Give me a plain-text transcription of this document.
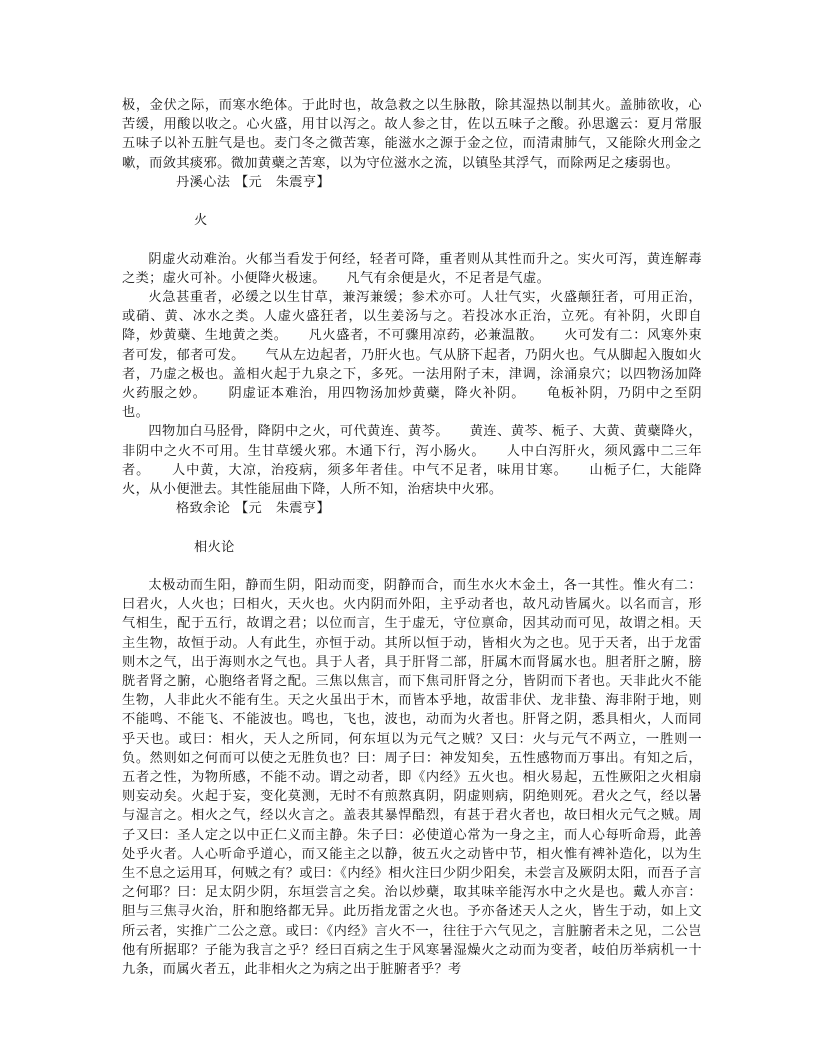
极，金伏之际，而寒水绝体。于此时也，故急救之以生脉散，除其湿热以制其火。盖肺欲收，心苦缓，用酸以收之。心火盛，用甘以泻之。故人参之甘，佐以五味子之酸。孙思邈云：夏月常服五味子以补五脏气是也。麦门冬之微苦寒，能滋水之源于金之位，而清肃肺气，又能除火刑金之嗽，而敛其痰邪。微加黄蘗之苦寒，以为守位滋水之流，以镇坠其浮气，而除两足之痿弱也。

丹溪心法 【元　朱震亨】
火

阴虚火动难治。火郁当看发于何经，轻者可降，重者则从其性而升之。实火可泻，黄连解毒之类；虚火可补。小便降火极速。　　凡气有余便是火，不足者是气虚。

火急甚重者，必缓之以生甘草，兼泻兼缓；参术亦可。人壮气实，火盛颠狂者，可用正治，或硝、黄、冰水之类。人虚火盛狂者，以生姜汤与之。若投冰水正治，立死。有补阴，火即自降，炒黄蘗、生地黄之类。　　凡火盛者，不可骤用凉药，必兼温散。　　火可发有二：风寒外束者可发，郁者可发。　　气从左边起者，乃肝火也。气从脐下起者，乃阴火也。气从脚起入腹如火者，乃虚之极也。盖相火起于九泉之下，多死。一法用附子末，津调，涂涌泉穴；以四物汤加降火药服之妙。　　阴虚证本难治，用四物汤加炒黄蘗，降火补阴。　　龟板补阴，乃阴中之至阴也。

四物加白马胫骨，降阴中之火，可代黄连、黄芩。　　黄连、黄芩、栀子、大黄、黄蘗降火，非阴中之火不可用。生甘草缓火邪。木通下行，泻小肠火。　　人中白泻肝火，须风露中二三年者。　　人中黄，大凉，治疫病，须多年者佳。中气不足者，味用甘寒。　　山栀子仁，大能降火，从小便泄去。其性能屈曲下降，人所不知，治痞块中火邪。

格致余论 【元　朱震亨】
相火论

太极动而生阳，静而生阴，阳动而变，阴静而合，而生水火木金土，各一其性。惟火有二：曰君火，人火也；曰相火，天火也。火内阴而外阳，主乎动者也，故凡动皆属火。以名而言，形气相生，配于五行，故谓之君；以位而言，生于虚无，守位禀命，因其动而可见，故谓之相。天主生物，故恒于动。人有此生，亦恒于动。其所以恒于动，皆相火为之也。见于天者，出于龙雷则木之气，出于海则水之气也。具于人者，具于肝肾二部，肝属木而肾属水也。胆者肝之腑，膀胱者肾之腑，心胞络者肾之配。三焦以焦言，而下焦司肝肾之分，皆阴而下者也。天非此火不能生物，人非此火不能有生。天之火虽出于木，而皆本乎地，故雷非伏、龙非蛰、海非附于地，则不能鸣、不能飞、不能波也。鸣也，飞也，波也，动而为火者也。肝肾之阴，悉具相火，人而同乎天也。或曰：相火，天人之所同，何东垣以为元气之贼？又曰：火与元气不两立，一胜则一负。然则如之何而可以使之无胜负也？曰：周子曰：神发知矣，五性感物而万事出。有知之后，五者之性，为物所感，不能不动。谓之动者，即《内经》五火也。相火易起，五性厥阳之火相扇则妄动矣。火起于妄，变化莫测，无时不有煎熬真阴，阴虚则病，阴绝则死。君火之气，经以暑与湿言之。相火之气，经以火言之。盖表其暴悍酷烈，有甚于君火者也，故曰相火元气之贼。周子又曰：圣人定之以中正仁义而主静。朱子曰：必使道心常为一身之主，而人心每听命焉，此善处乎火者。人心听命乎道心，而又能主之以静，彼五火之动皆中节，相火惟有裨补造化，以为生生不息之运用耳，何贼之有？或曰：《内经》相火注曰少阴少阳矣，未尝言及厥阴太阳，而吾子言之何耶？曰：足太阴少阴，东垣尝言之矣。治以炒蘗，取其味辛能泻水中之火是也。戴人亦言：胆与三焦寻火治，肝和胞络都无异。此历指龙雷之火也。予亦备述天人之火，皆生于动，如上文所云者，实推广二公之意。或曰：《内经》言火不一，往往于六气见之，言脏腑者未之见，二公岂他有所据耶？子能为我言之乎？经曰百病之生于风寒暑湿燥火之动而为变者，岐伯历举病机一十九条，而属火者五，此非相火之为病之出于脏腑者乎？考
